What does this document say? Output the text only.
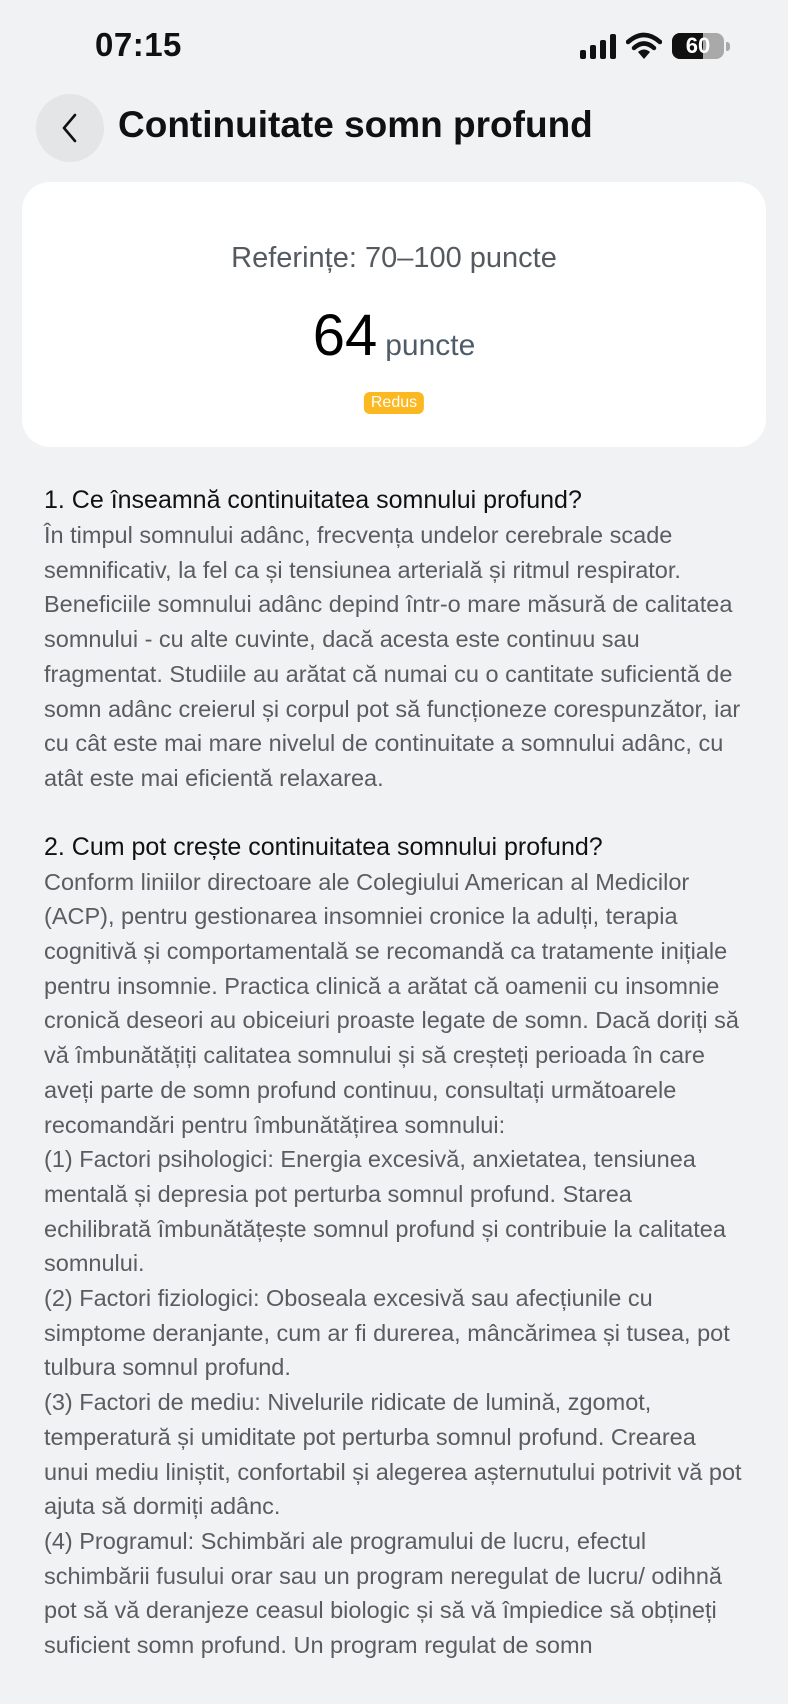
07:15	60
Continuitate somn profund
Referințe: 70–100 puncte
64 puncte
Redus
1. Ce înseamnă continuitatea somnului profund?
În timpul somnului adânc, frecvența undelor cerebrale scade semnificativ, la fel ca și tensiunea arterială și ritmul respirator. Beneficiile somnului adânc depind într-o mare măsură de calitatea somnului - cu alte cuvinte, dacă acesta este continuu sau fragmentat. Studiile au arătat că numai cu o cantitate suficientă de somn adânc creierul și corpul pot să funcționeze corespunzător, iar cu cât este mai mare nivelul de continuitate a somnului adânc, cu atât este mai eficientă relaxarea.
2. Cum pot crește continuitatea somnului profund?
Conform liniilor directoare ale Colegiului American al Medicilor (ACP), pentru gestionarea insomniei cronice la adulți, terapia cognitivă și comportamentală se recomandă ca tratamente inițiale pentru insomnie. Practica clinică a arătat că oamenii cu insomnie cronică deseori au obiceiuri proaste legate de somn. Dacă doriți să vă îmbunătățiți calitatea somnului și să creșteți perioada în care aveți parte de somn profund continuu, consultați următoarele recomandări pentru îmbunătățirea somnului:
(1) Factori psihologici: Energia excesivă, anxietatea, tensiunea mentală și depresia pot perturba somnul profund. Starea echilibrată îmbunătățește somnul profund și contribuie la calitatea somnului.
(2) Factori fiziologici: Oboseala excesivă sau afecțiunile cu simptome deranjante, cum ar fi durerea, mâncărimea și tusea, pot tulbura somnul profund.
(3) Factori de mediu: Nivelurile ridicate de lumină, zgomot, temperatură și umiditate pot perturba somnul profund. Crearea unui mediu liniștit, confortabil și alegerea așternutului potrivit vă pot ajuta să dormiți adânc.
(4) Programul: Schimbări ale programului de lucru, efectul schimbării fusului orar sau un program neregulat de lucru/ odihnă pot să vă deranjeze ceasul biologic și să vă împiedice să obțineți suficient somn profund. Un program regulat de somn
